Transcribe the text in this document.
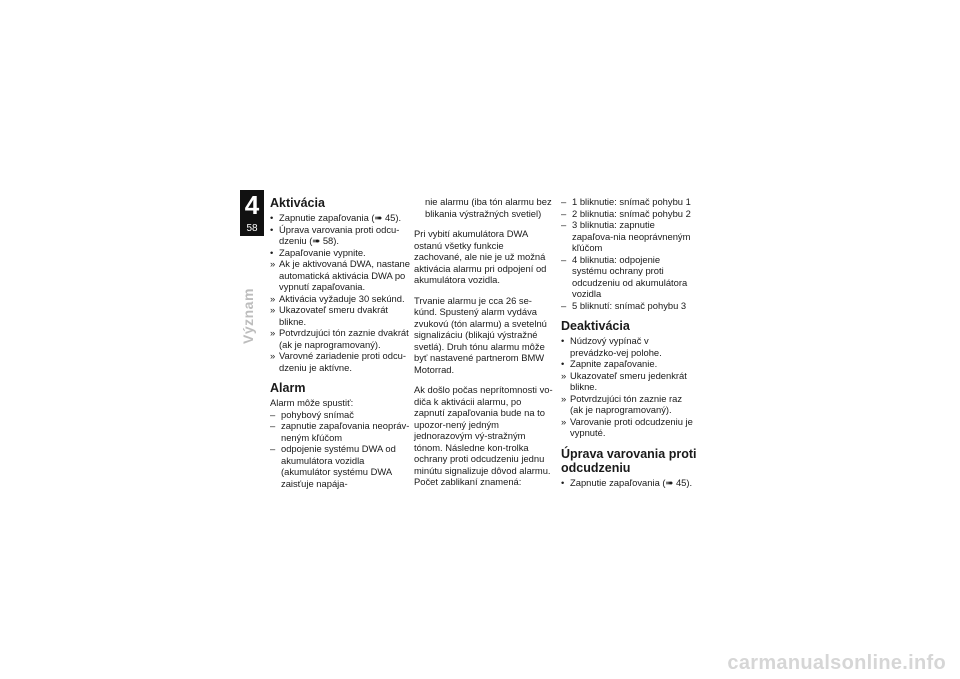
4
58
Význam
Aktivácia
• Zapnutie zapaľovania (➠ 45).
• Úprava varovania proti odcu-dzeniu (➠ 58).
• Zapaľovanie vypnite.
» Ak je aktivovaná DWA, nastane automatická aktivácia DWA po vypnutí zapaľovania.
» Aktivácia vyžaduje 30 sekúnd.
» Ukazovateľ smeru dvakrát blikne.
» Potvrdzujúci tón zaznie dvakrát (ak je naprogramovaný).
» Varovné zariadenie proti odcu-dzeniu je aktívne.
Alarm

Alarm môže spustiť:

– pohybový snímač
– zapnutie zapaľovania neopráv-neným kľúčom
– odpojenie systému DWA od akumulátora vozidla (akumulátor systému DWA zaisťuje napája-

nie alarmu (iba tón alarmu bez blikania výstražných svetiel)

Pri vybití akumulátora DWA ostanú všetky funkcie zachované, ale nie je už možná aktivácia alarmu pri odpojení od akumulátora vozidla.

Trvanie alarmu je cca 26 se-kúnd. Spustený alarm vydáva zvukovú (tón alarmu) a svetelnú signalizáciu (blikajú výstražné svetlá). Druh tónu alarmu môže byť nastavené partnerom BMW Motorrad.

Ak došlo počas neprítomnosti vo-diča k aktivácii alarmu, po zapnutí zapaľovania bude na to upozor-nený jedným jednorazovým vý-stražným tónom. Následne kon-trolka ochrany proti odcudzeniu jednu minútu signalizuje dôvod alarmu.

Počet zablikaní znamená:

– 1 bliknutie: snímač pohybu 1
– 2 bliknutia: snímač pohybu 2
– 3 bliknutia: zapnutie zapaľova-nia neoprávneným kľúčom
– 4 bliknutia: odpojenie systému ochrany proti odcudzeniu od akumulátora vozidla
– 5 bliknutí: snímač pohybu 3
Deaktivácia
• Núdzový vypínač v prevádzko-vej polohe.
• Zapnite zapaľovanie.
» Ukazovateľ smeru jedenkrát blikne.
» Potvrdzujúci tón zaznie raz (ak je naprogramovaný).
» Varovanie proti odcudzeniu je vypnuté.
Úprava varovania proti odcudzeniu
• Zapnutie zapaľovania (➠ 45).
carmanualsonline.info
